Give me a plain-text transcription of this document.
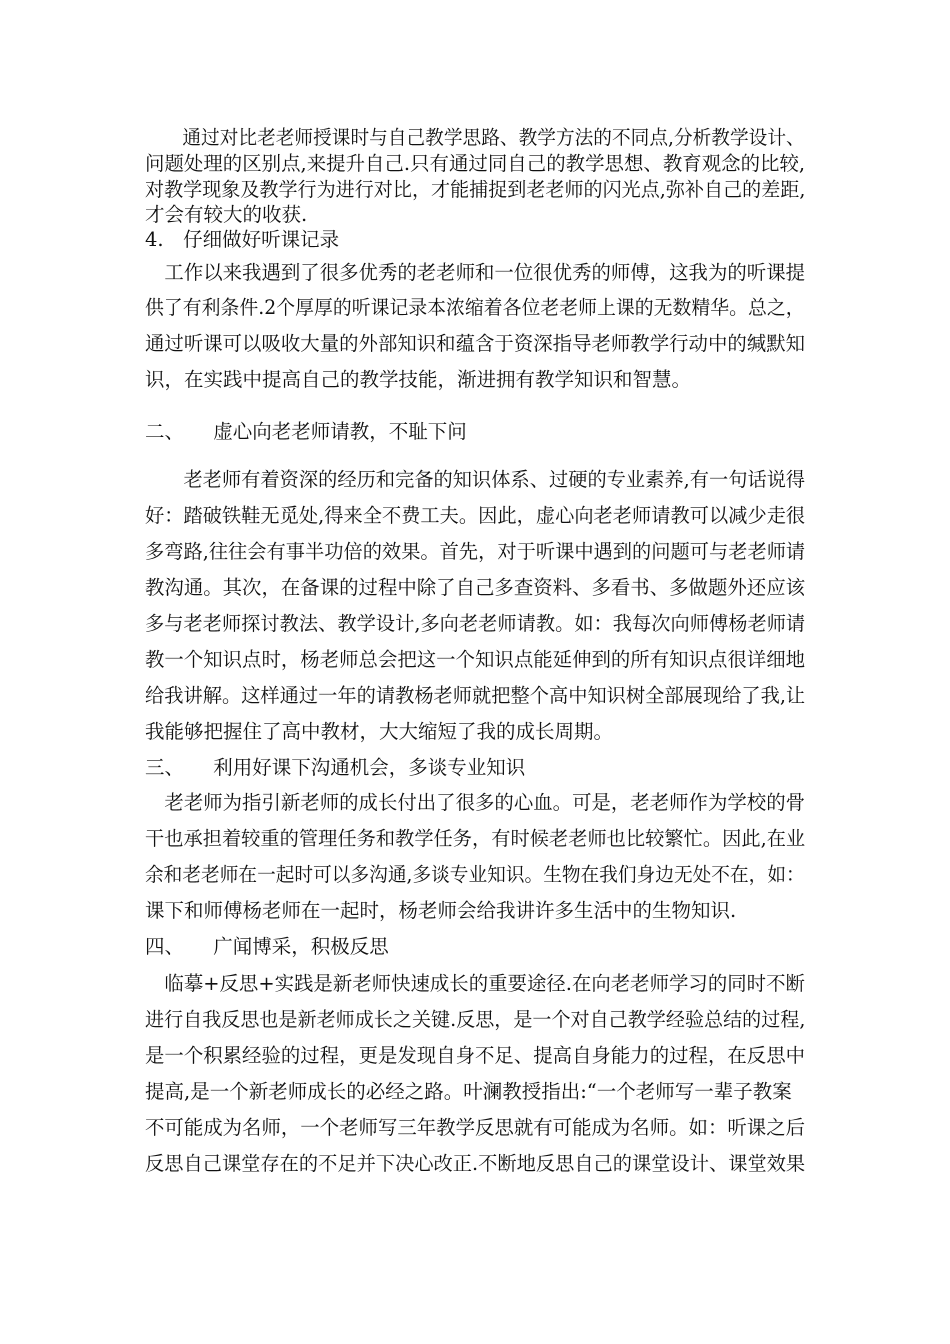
　　通过对比老老师授课时与自己教学思路、教学方法的不同点,分析教学设计、
问题处理的区别点,来提升自己.只有通过同自己的教学思想、教育观念的比较,
对教学现象及教学行为进行对比，才能捕捉到老老师的闪光点,弥补自己的差距,
才会有较大的收获.
4.　仔细做好听课记录
　工作以来我遇到了很多优秀的老老师和一位很优秀的师傅，这我为的听课提
供了有利条件.2个厚厚的听课记录本浓缩着各位老老师上课的无数精华。总之，
通过听课可以吸收大量的外部知识和蕴含于资深指导老师教学行动中的缄默知
识，在实践中提高自己的教学技能，渐进拥有教学知识和智慧。
二、　　虚心向老老师请教，不耻下问
　　老老师有着资深的经历和完备的知识体系、过硬的专业素养,有一句话说得
好：踏破铁鞋无觅处,得来全不费工夫。因此，虚心向老老师请教可以减少走很
多弯路,往往会有事半功倍的效果。首先，对于听课中遇到的问题可与老老师请
教沟通。其次，在备课的过程中除了自己多查资料、多看书、多做题外还应该
多与老老师探讨教法、教学设计,多向老老师请教。如：我每次向师傅杨老师请
教一个知识点时，杨老师总会把这一个知识点能延伸到的所有知识点很详细地
给我讲解。这样通过一年的请教杨老师就把整个高中知识树全部展现给了我,让
我能够把握住了高中教材，大大缩短了我的成长周期。
三、　　利用好课下沟通机会，多谈专业知识
　老老师为指引新老师的成长付出了很多的心血。可是，老老师作为学校的骨
干也承担着较重的管理任务和教学任务，有时候老老师也比较繁忙。因此,在业
余和老老师在一起时可以多沟通,多谈专业知识。生物在我们身边无处不在，如：
课下和师傅杨老师在一起时，杨老师会给我讲许多生活中的生物知识.
四、　　广闻博采，积极反思
　临摹+反思+实践是新老师快速成长的重要途径.在向老老师学习的同时不断
进行自我反思也是新老师成长之关键.反思，是一个对自己教学经验总结的过程,
是一个积累经验的过程，更是发现自身不足、提高自身能力的过程，在反思中
提高,是一个新老师成长的必经之路。叶澜教授指出:“一个老师写一辈子教案
不可能成为名师，一个老师写三年教学反思就有可能成为名师。如：听课之后
反思自己课堂存在的不足并下决心改正.不断地反思自己的课堂设计、课堂效果
